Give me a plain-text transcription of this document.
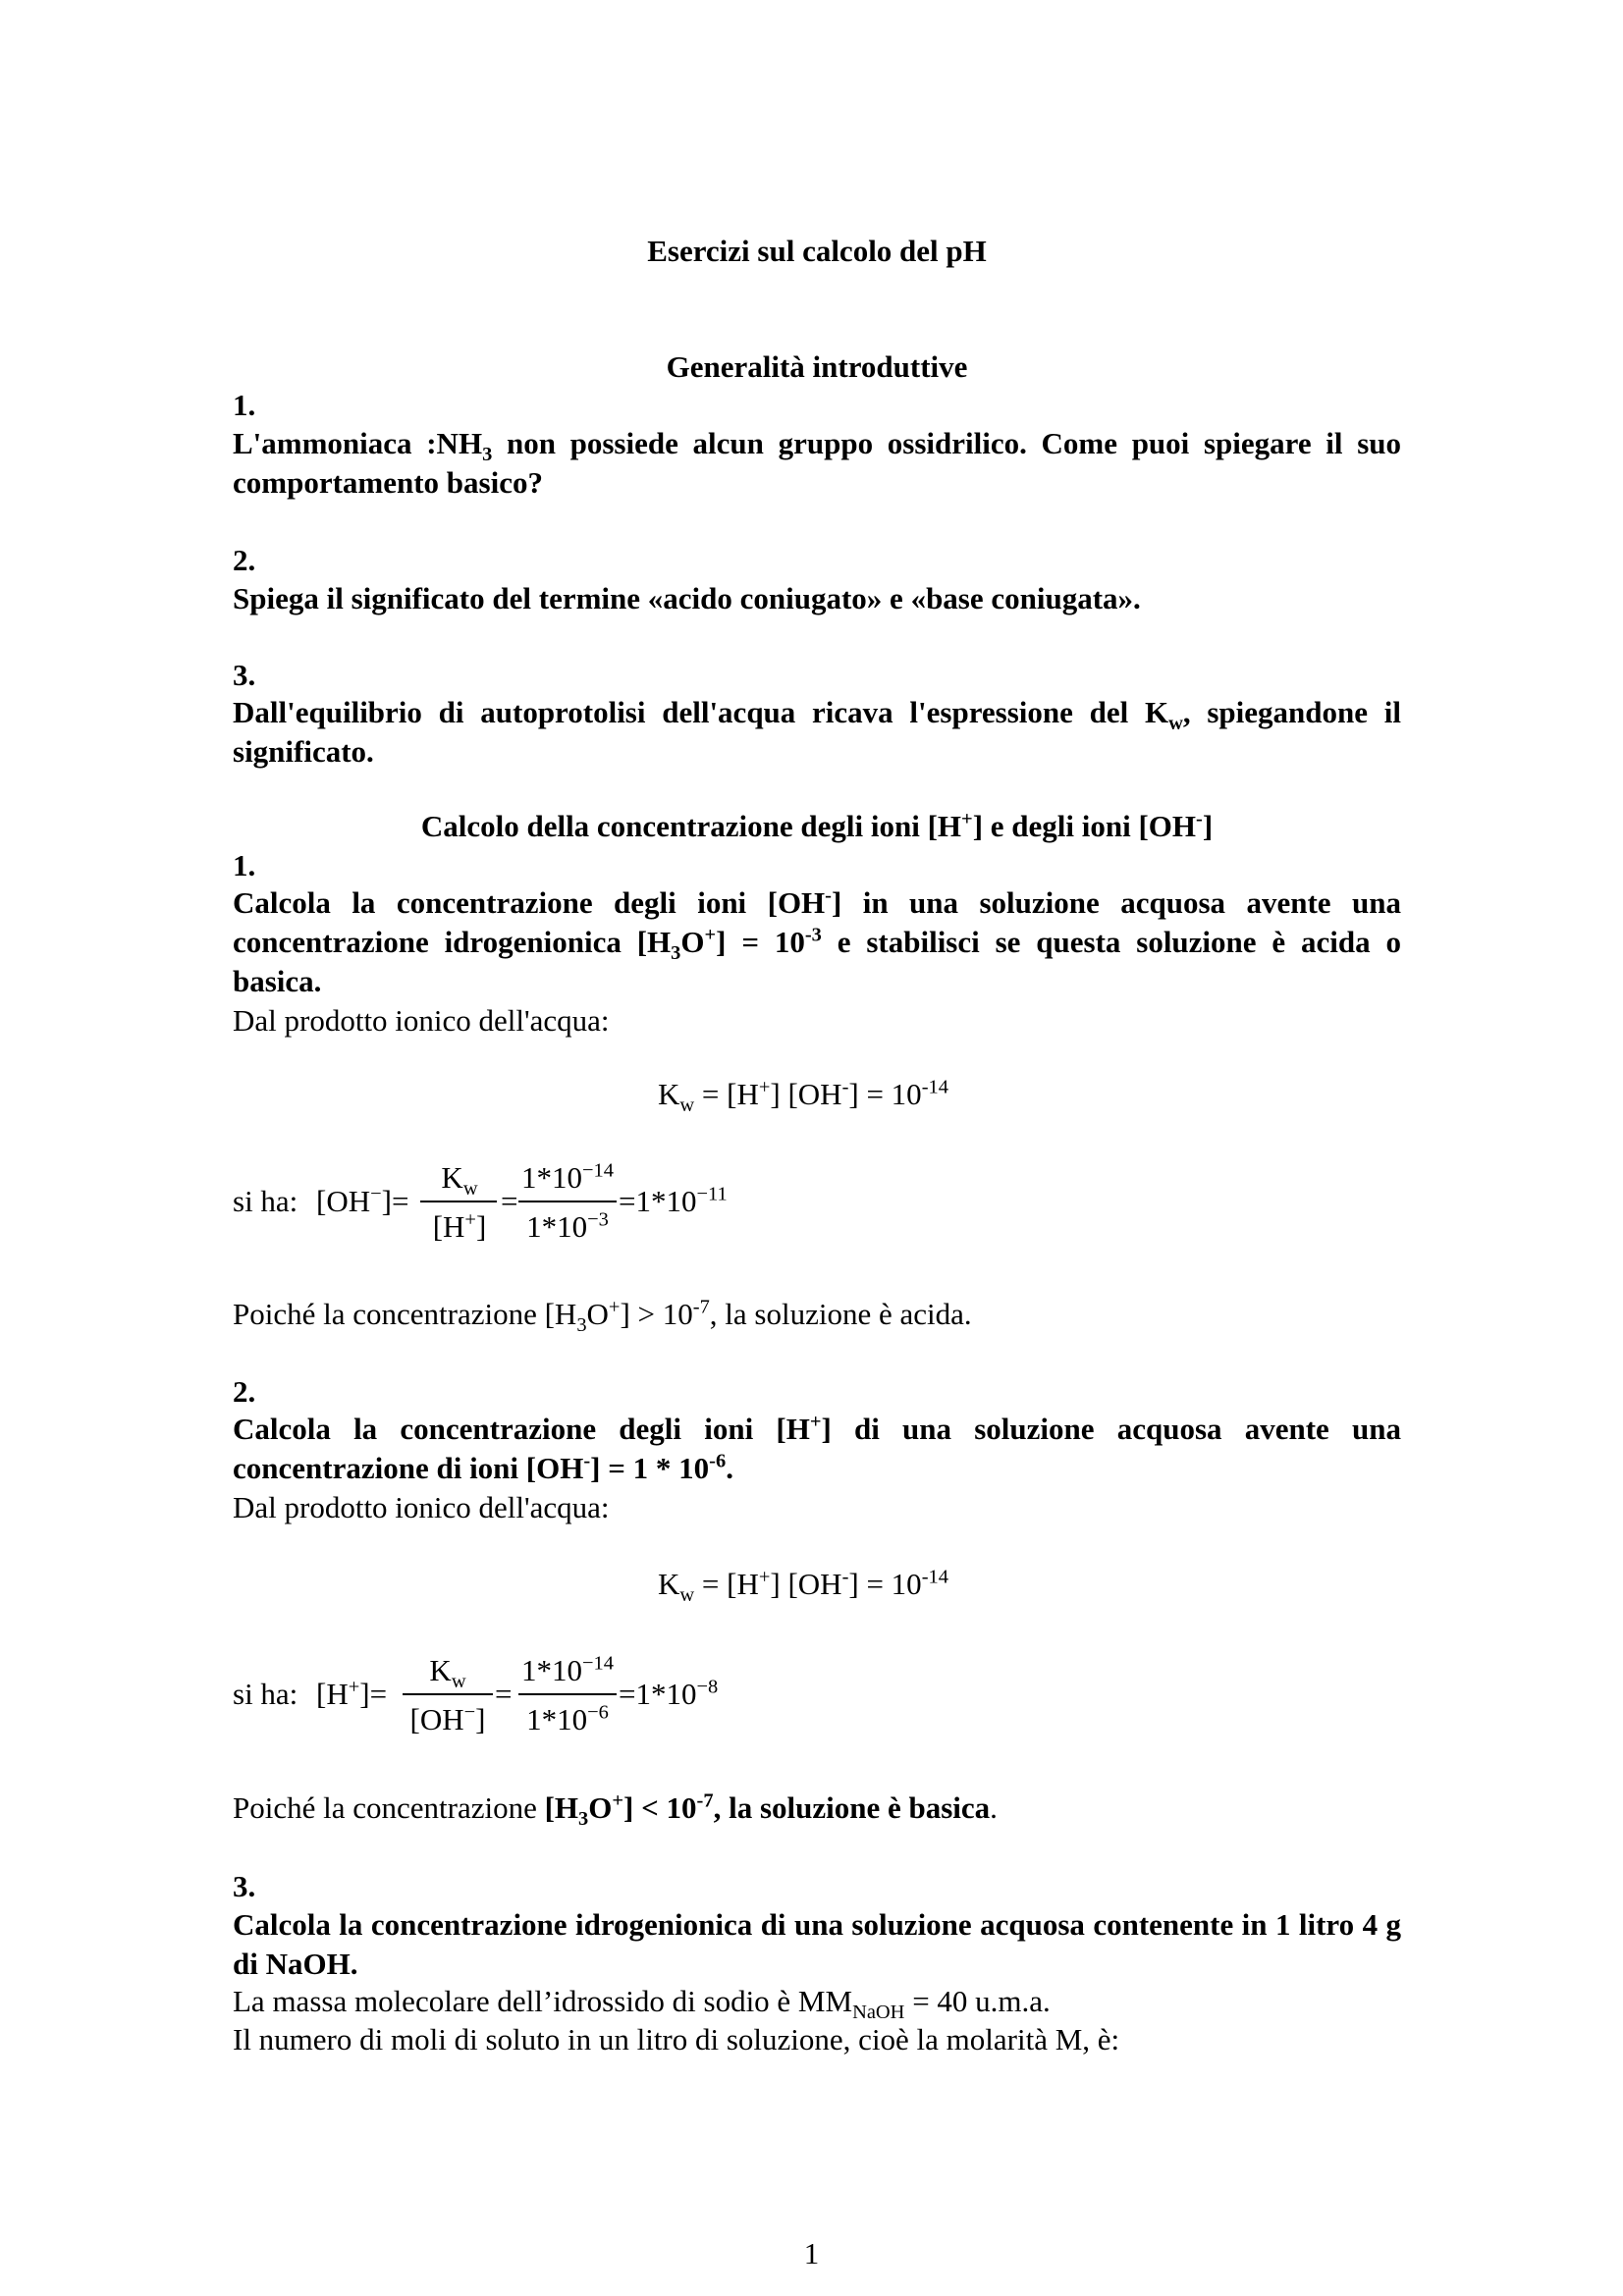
Esercizi sul calcolo del pH
Generalità introduttive
1.
L'ammoniaca $:NH_3$ non possiede alcun gruppo ossidrilico. Come puoi spiegare il suo comportamento basico?
2.
Spiega il significato del termine «acido coniugato» e «base coniugata».
3.
Dall'equilibrio di autoprotolisi dell'acqua ricava l'espressione del $K_w$, spiegandone il significato.
Calcolo della concentrazione degli ioni [H+] e degli ioni [OH-]
1.
Calcola la concentrazione degli ioni [OH-] in una soluzione acquosa avente una concentrazione idrogenionica $[H_3O^+] = 10^{-3}$ e stabilisci se questa soluzione è acida o basica.
Dal prodotto ionico dell'acqua:
$K_w = [H^+] [OH^-] = 10^{-14}$
si ha: [OH−]=
$K_w$
[H+]
=
$1*10^{-14}$
$1*10^{-3}$
$=1*10^{-11}$
Poiché la concentrazione $[H_3O^+] > 10^{-7}$, la soluzione è acida.
2.
Calcola la concentrazione degli ioni [H+] di una soluzione acquosa avente una concentrazione di ioni $[OH^-] = 1 * 10^{-6}$.
Dal prodotto ionico dell'acqua:
$K_w = [H^+] [OH^-] = 10^{-14}$
si ha: [H+]=
$K_w$
[OH−]
=
$1*10^{-14}$
$1*10^{-6}$
$=1*10^{-8}$
Poiché la concentrazione $[H_3O^+] < 10^{-7}$, la soluzione è basica.
3.
Calcola la concentrazione idrogenionica di una soluzione acquosa contenente in 1 litro 4 g di NaOH.
La massa molecolare dell’idrossido di sodio è $MM_{NaOH} = 40$ u.m.a.
Il numero di moli di soluto in un litro di soluzione, cioè la molarità M, è:
1
